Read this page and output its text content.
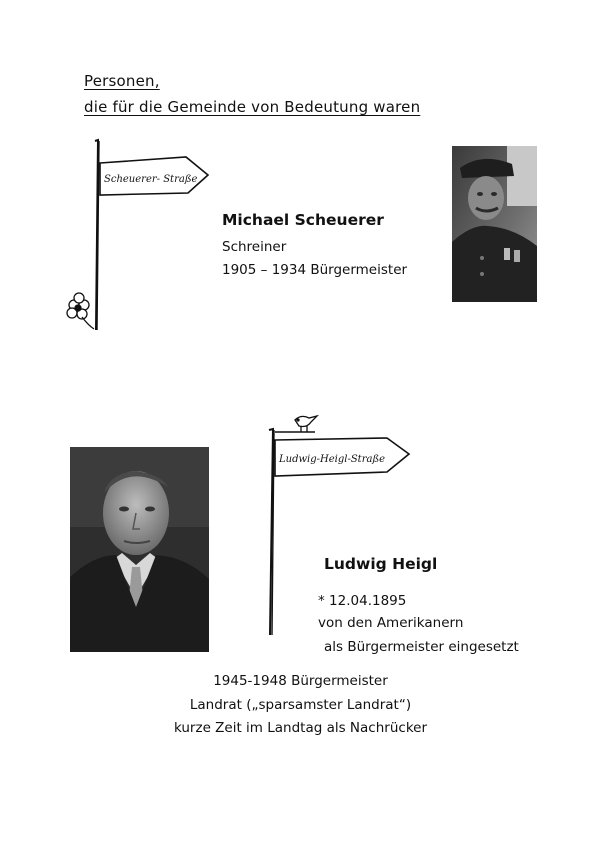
Personen,
die für die Gemeinde von Bedeutung waren
Scheuerer- Straße
Michael Scheuerer
Schreiner
1905 – 1934 Bürgermeister
Ludwig-Heigl-Straße
Ludwig Heigl
* 12.04.1895
von den Amerikanern
als Bürgermeister eingesetzt
1945-1948 Bürgermeister
Landrat („sparsamster Landrat“)
kurze Zeit im Landtag als Nachrücker
